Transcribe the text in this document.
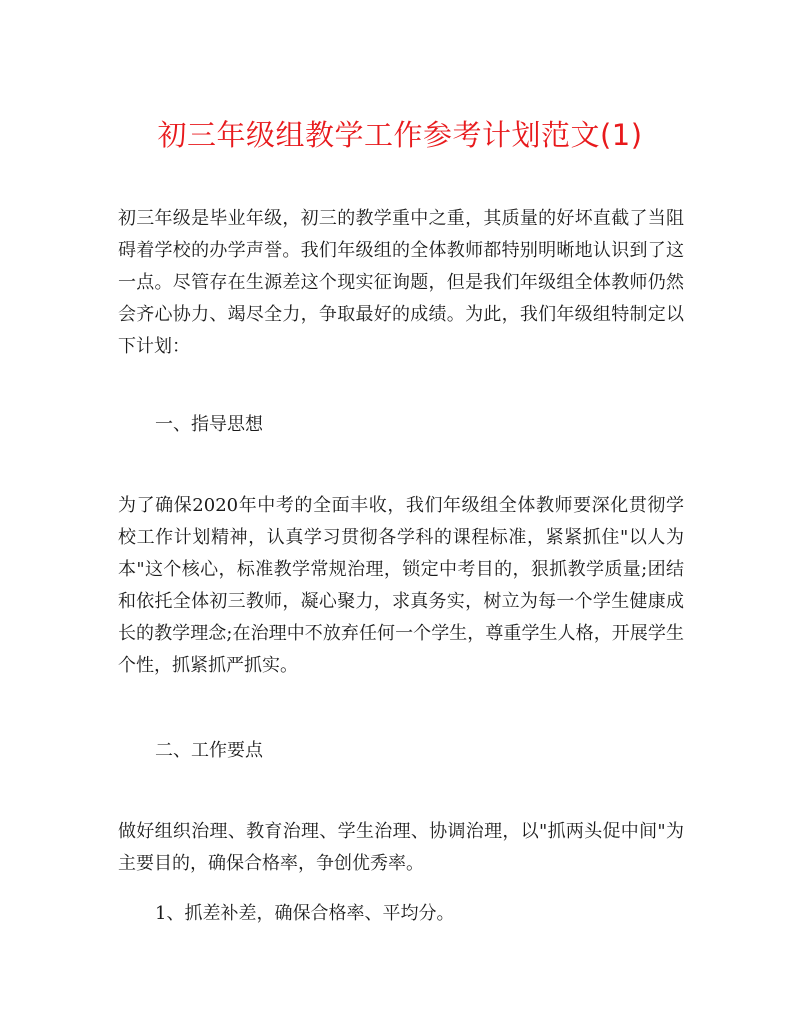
初三年级组教学工作参考计划范文(1)

初三年级是毕业年级，初三的教学重中之重，其质量的好坏直截了当阻碍着学校的办学声誉。我们年级组的全体教师都特别明晰地认识到了这一点。尽管存在生源差这个现实征询题，但是我们年级组全体教师仍然会齐心协力、竭尽全力，争取最好的成绩。为此，我们年级组特制定以下计划：

一、指导思想

为了确保2020年中考的全面丰收，我们年级组全体教师要深化贯彻学校工作计划精神，认真学习贯彻各学科的课程标准，紧紧抓住"以人为本"这个核心，标准教学常规治理，锁定中考目的，狠抓教学质量;团结和依托全体初三教师，凝心聚力，求真务实，树立为每一个学生健康成长的教学理念;在治理中不放弃任何一个学生，尊重学生人格，开展学生个性，抓紧抓严抓实。

二、工作要点

做好组织治理、教育治理、学生治理、协调治理，以"抓两头促中间"为主要目的，确保合格率，争创优秀率。

1、抓差补差，确保合格率、平均分。
